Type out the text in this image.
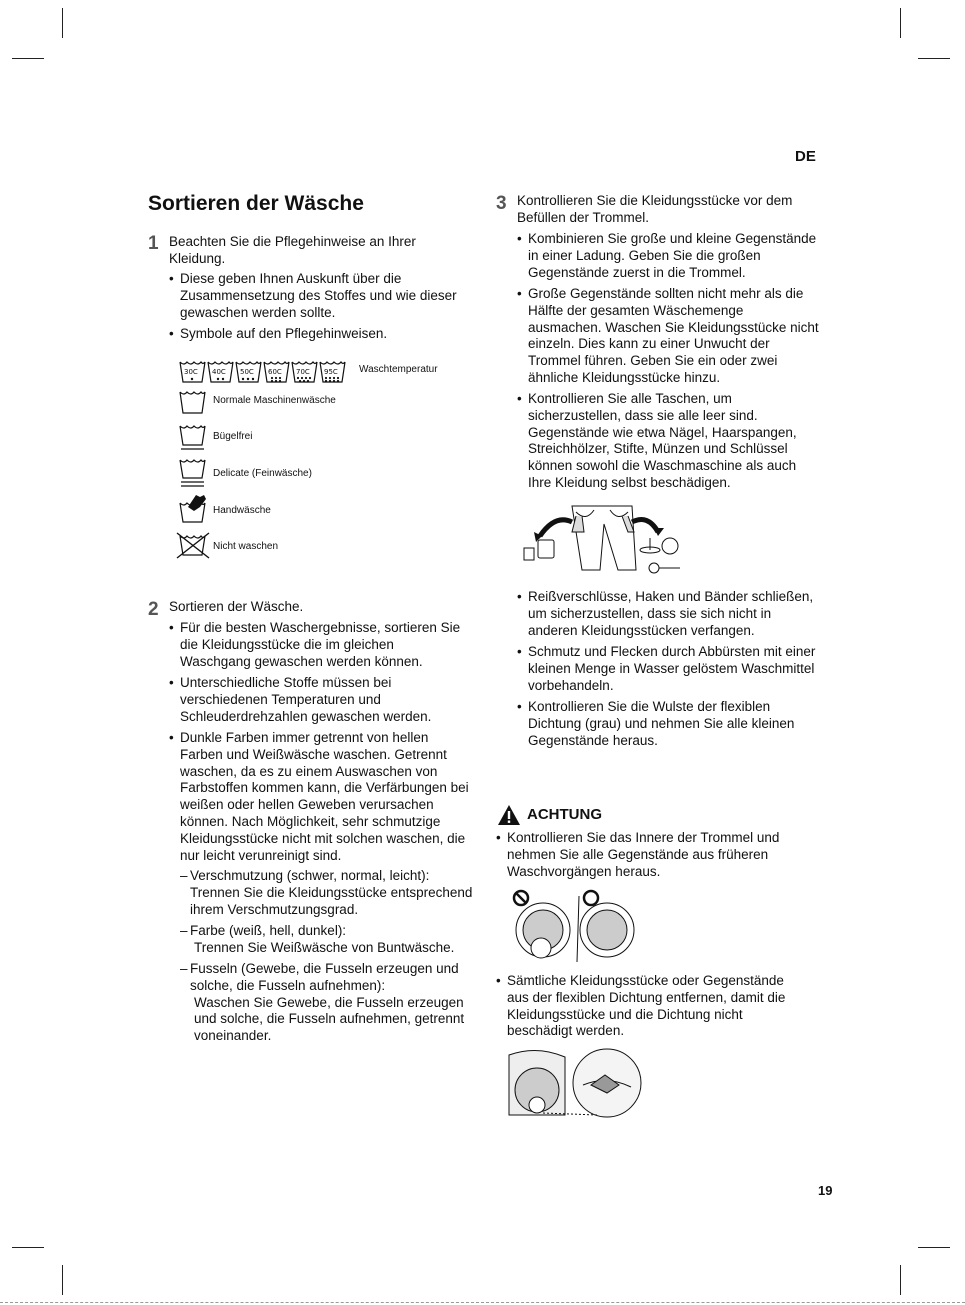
DE
19
Sortieren der Wäsche
1 Beachten Sie die Pflegehinweise an Ihrer Kleidung.
• Diese geben Ihnen Auskunft über die Zusammensetzung des Stoffes und wie dieser gewaschen werden sollte.
• Symbole auf den Pflegehinweisen.
30C 40C 50C 60C 70C 95C Waschtemperatur
Normale Maschinenwäsche
Bügelfrei
Delicate (Feinwäsche)
Handwäsche
Nicht waschen
2 Sortieren der Wäsche.
• Für die besten Waschergebnisse, sortieren Sie die Kleidungsstücke die im gleichen Waschgang gewaschen werden können.
• Unterschiedliche Stoffe müssen bei verschiedenen Temperaturen und Schleuderdrehzahlen gewaschen werden.
• Dunkle Farben immer getrennt von hellen Farben und Weißwäsche waschen. Getrennt waschen, da es zu einem Auswaschen von Farbstoffen kommen kann, die Verfärbungen bei weißen oder hellen Geweben verursachen können. Nach Möglichkeit, sehr schmutzige Kleidungsstücke nicht mit solchen waschen, die nur leicht verunreinigt sind.
– Verschmutzung (schwer, normal, leicht):
Trennen Sie die Kleidungsstücke entsprechend ihrem Verschmutzungsgrad.
– Farbe (weiß, hell, dunkel):
Trennen Sie Weißwäsche von Buntwäsche.
– Fusseln (Gewebe, die Fusseln erzeugen und solche, die Fusseln aufnehmen):
Waschen Sie Gewebe, die Fusseln erzeugen und solche, die Fusseln aufnehmen, getrennt voneinander.
3 Kontrollieren Sie die Kleidungsstücke vor dem Befüllen der Trommel.
• Kombinieren Sie große und kleine Gegenstände in einer Ladung. Geben Sie die großen Gegenstände zuerst in die Trommel.
• Große Gegenstände sollten nicht mehr als die Hälfte der gesamten Wäschemenge ausmachen. Waschen Sie Kleidungsstücke nicht einzeln. Dies kann zu einer Unwucht der Trommel führen. Geben Sie ein oder zwei ähnliche Kleidungsstücke hinzu.
• Kontrollieren Sie alle Taschen, um sicherzustellen, dass sie alle leer sind. Gegenstände wie etwa Nägel, Haarspangen, Streichhölzer, Stifte, Münzen und Schlüssel können sowohl die Waschmaschine als auch Ihre Kleidung selbst beschädigen.
• Reißverschlüsse, Haken und Bänder schließen, um sicherzustellen, dass sie sich nicht in anderen Kleidungsstücken verfangen.
• Schmutz und Flecken durch Abbürsten mit einer kleinen Menge in Wasser gelöstem Waschmittel vorbehandeln.
• Kontrollieren Sie die Wulste der flexiblen Dichtung (grau) und nehmen Sie alle kleinen Gegenstände heraus.
ACHTUNG
• Kontrollieren Sie das Innere der Trommel und nehmen Sie alle Gegenstände aus früheren Waschvorgängen heraus.
• Sämtliche Kleidungsstücke oder Gegenstände aus der flexiblen Dichtung entfernen, damit die Kleidungsstücke und die Dichtung nicht beschädigt werden.
